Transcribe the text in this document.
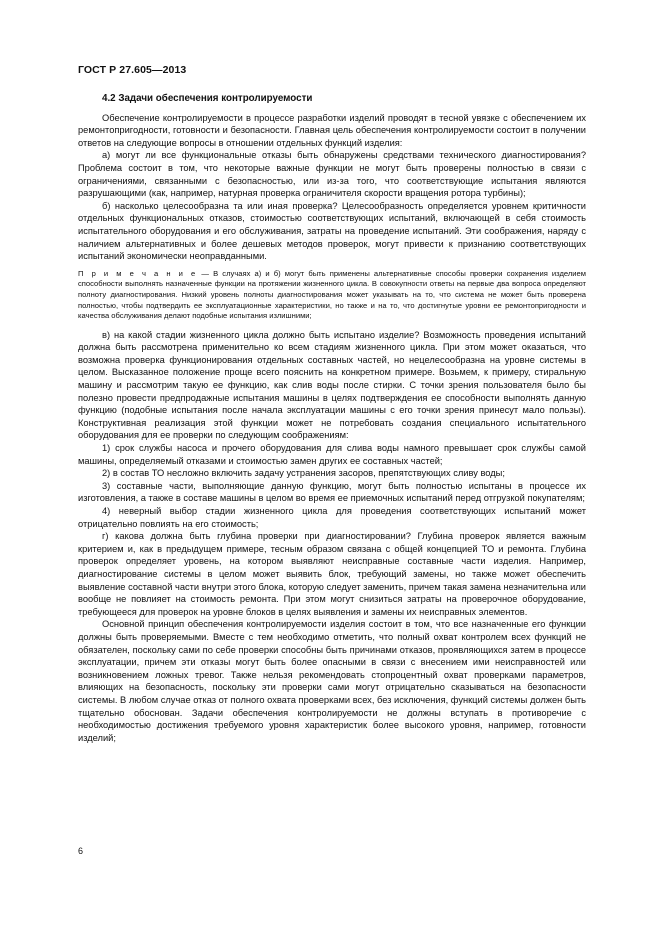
ГОСТ Р 27.605—2013

4.2 Задачи обеспечения контролируемости

Обеспечение контролируемости в процессе разработки изделий проводят в тесной увязке с обеспечением их ремонтопригодности, готовности и безопасности. Главная цель обеспечения контролируемости состоит в получении ответов на следующие вопросы в отношении отдельных функций изделия:

а) могут ли все функциональные отказы быть обнаружены средствами технического диагностирования? Проблема состоит в том, что некоторые важные функции не могут быть проверены полностью в связи с ограничениями, связанными с безопасностью, или из-за того, что соответствующие испытания являются разрушающими (как, например, натурная проверка ограничителя скорости вращения ротора турбины);

б) насколько целесообразна та или иная проверка? Целесообразность определяется уровнем критичности отдельных функциональных отказов, стоимостью соответствующих испытаний, включающей в себя стоимость испытательного оборудования и его обслуживания, затраты на проведение испытаний. Эти соображения, наряду с наличием альтернативных и более дешевых методов проверок, могут привести к признанию соответствующих испытаний экономически неоправданными.

П р и м е ч а н и е — В случаях а) и б) могут быть применены альтернативные способы проверки сохранения изделием способности выполнять назначенные функции на протяжении жизненного цикла. В совокупности ответы на первые два вопроса определяют полноту диагностирования. Низкий уровень полноты диагностирования может указывать на то, что система не может быть проверена полностью, чтобы подтвердить ее эксплуатационные характеристики, но также и на то, что достигнутые уровни ее ремонтопригодности и качества обслуживания делают подобные испытания излишними;

в) на какой стадии жизненного цикла должно быть испытано изделие? Возможность проведения испытаний должна быть рассмотрена применительно ко всем стадиям жизненного цикла. При этом может оказаться, что возможна проверка функционирования отдельных составных частей, но нецелесообразна на уровне системы в целом. Высказанное положение проще всего пояснить на конкретном примере. Возьмем, к примеру, стиральную машину и рассмотрим такую ее функцию, как слив воды после стирки. С точки зрения пользователя было бы полезно провести предпродажные испытания машины в целях подтверждения ее способности выполнять данную функцию (подобные испытания после начала эксплуатации машины с его точки зрения принесут мало пользы). Конструктивная реализация этой функции может не потребовать создания специального испытательного оборудования для ее проверки по следующим соображениям:

1) срок службы насоса и прочего оборудования для слива воды намного превышает срок службы самой машины, определяемый отказами и стоимостью замен других ее составных частей;

2) в состав ТО несложно включить задачу устранения засоров, препятствующих сливу воды;

3) составные части, выполняющие данную функцию, могут быть полностью испытаны в процессе их изготовления, а также в составе машины в целом во время ее приемочных испытаний перед отгрузкой покупателям;

4) неверный выбор стадии жизненного цикла для проведения соответствующих испытаний может отрицательно повлиять на его стоимость;

г) какова должна быть глубина проверки при диагностировании? Глубина проверок является важным критерием и, как в предыдущем примере, тесным образом связана с общей концепцией ТО и ремонта. Глубина проверок определяет уровень, на котором выявляют неисправные составные части изделия. Например, диагностирование системы в целом может выявить блок, требующий замены, но также может обеспечить выявление составной части внутри этого блока, которую следует заменить, причем такая замена незначительна или вообще не повлияет на стоимость ремонта. При этом могут снизиться затраты на проверочное оборудование, требующееся для проверок на уровне блоков в целях выявления и замены их неисправных элементов.

Основной принцип обеспечения контролируемости изделия состоит в том, что все назначенные его функции должны быть проверяемыми. Вместе с тем необходимо отметить, что полный охват контролем всех функций не обязателен, поскольку сами по себе проверки способны быть причинами отказов, проявляющихся затем в процессе эксплуатации, причем эти отказы могут быть более опасными в связи с внесением ими неисправностей или возникновением ложных тревог. Также нельзя рекомендовать стопроцентный охват проверками параметров, влияющих на безопасность, поскольку эти проверки сами могут отрицательно сказываться на безопасности системы. В любом случае отказ от полного охвата проверками всех, без исключения, функций системы должен быть тщательно обоснован. Задачи обеспечения контролируемости не должны вступать в противоречие с необходимостью достижения требуемого уровня характеристик более высокого уровня, например, готовности изделий;

6
